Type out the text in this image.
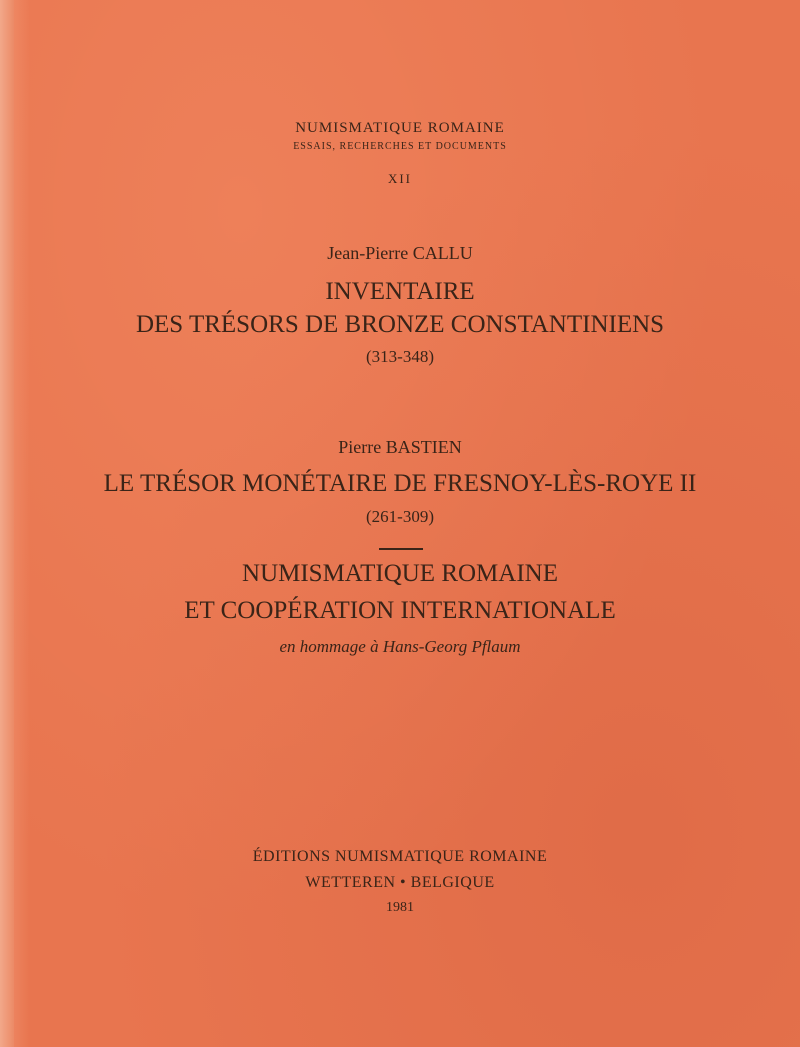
NUMISMATIQUE ROMAINE
ESSAIS, RECHERCHES ET DOCUMENTS
XII
Jean-Pierre CALLU
INVENTAIRE
DES TRÉSORS DE BRONZE CONSTANTINIENS
(313-348)
Pierre BASTIEN
LE TRÉSOR MONÉTAIRE DE FRESNOY-LÈS-ROYE II
(261-309)
NUMISMATIQUE ROMAINE
ET COOPÉRATION INTERNATIONALE
en hommage à Hans-Georg Pflaum
ÉDITIONS NUMISMATIQUE ROMAINE
WETTEREN • BELGIQUE
1981
